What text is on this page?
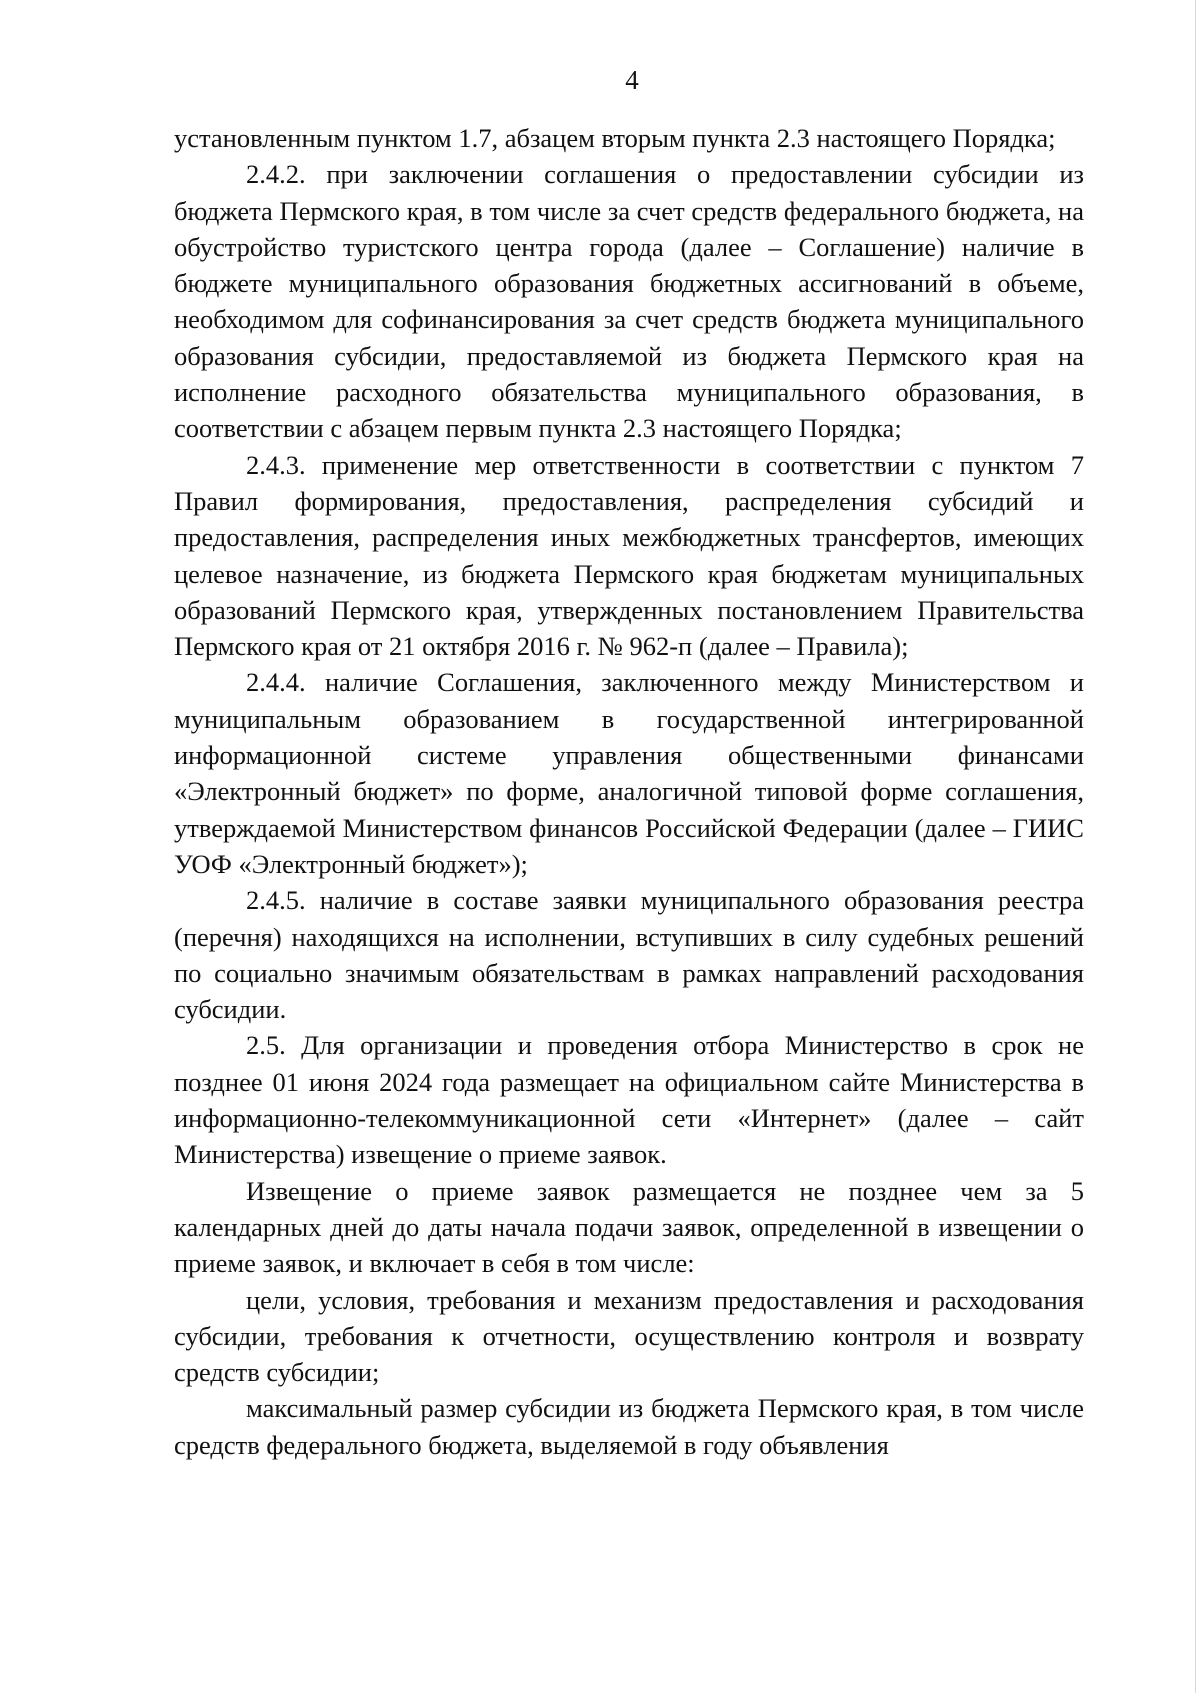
4

установленным пунктом 1.7, абзацем вторым пункта 2.3 настоящего Порядка;

2.4.2. при заключении соглашения о предоставлении субсидии из бюджета Пермского края, в том числе за счет средств федерального бюджета, на обустройство туристского центра города (далее – Соглашение) наличие в бюджете муниципального образования бюджетных ассигнований в объеме, необходимом для софинансирования за счет средств бюджета муниципального образования субсидии, предоставляемой из бюджета Пермского края на исполнение расходного обязательства муниципального образования, в соответствии с абзацем первым пункта 2.3 настоящего Порядка;

2.4.3. применение мер ответственности в соответствии с пунктом 7 Правил формирования, предоставления, распределения субсидий и предоставления, распределения иных межбюджетных трансфертов, имеющих целевое назначение, из бюджета Пермского края бюджетам муниципальных образований Пермского края, утвержденных постановлением Правительства Пермского края от 21 октября 2016 г. № 962-п (далее – Правила);

2.4.4. наличие Соглашения, заключенного между Министерством и муниципальным образованием в государственной интегрированной информационной системе управления общественными финансами «Электронный бюджет» по форме, аналогичной типовой форме соглашения, утверждаемой Министерством финансов Российской Федерации (далее – ГИИС УОФ «Электронный бюджет»);

2.4.5. наличие в составе заявки муниципального образования реестра (перечня) находящихся на исполнении, вступивших в силу судебных решений по социально значимым обязательствам в рамках направлений расходования субсидии.

2.5. Для организации и проведения отбора Министерство в срок не позднее 01 июня 2024 года размещает на официальном сайте Министерства в информационно-телекоммуникационной сети «Интернет» (далее – сайт Министерства) извещение о приеме заявок.

Извещение о приеме заявок размещается не позднее чем за 5 календарных дней до даты начала подачи заявок, определенной в извещении о приеме заявок, и включает в себя в том числе:

цели, условия, требования и механизм предоставления и расходования субсидии, требования к отчетности, осуществлению контроля и возврату средств субсидии;

максимальный размер субсидии из бюджета Пермского края, в том числе средств федерального бюджета, выделяемой в году объявления
